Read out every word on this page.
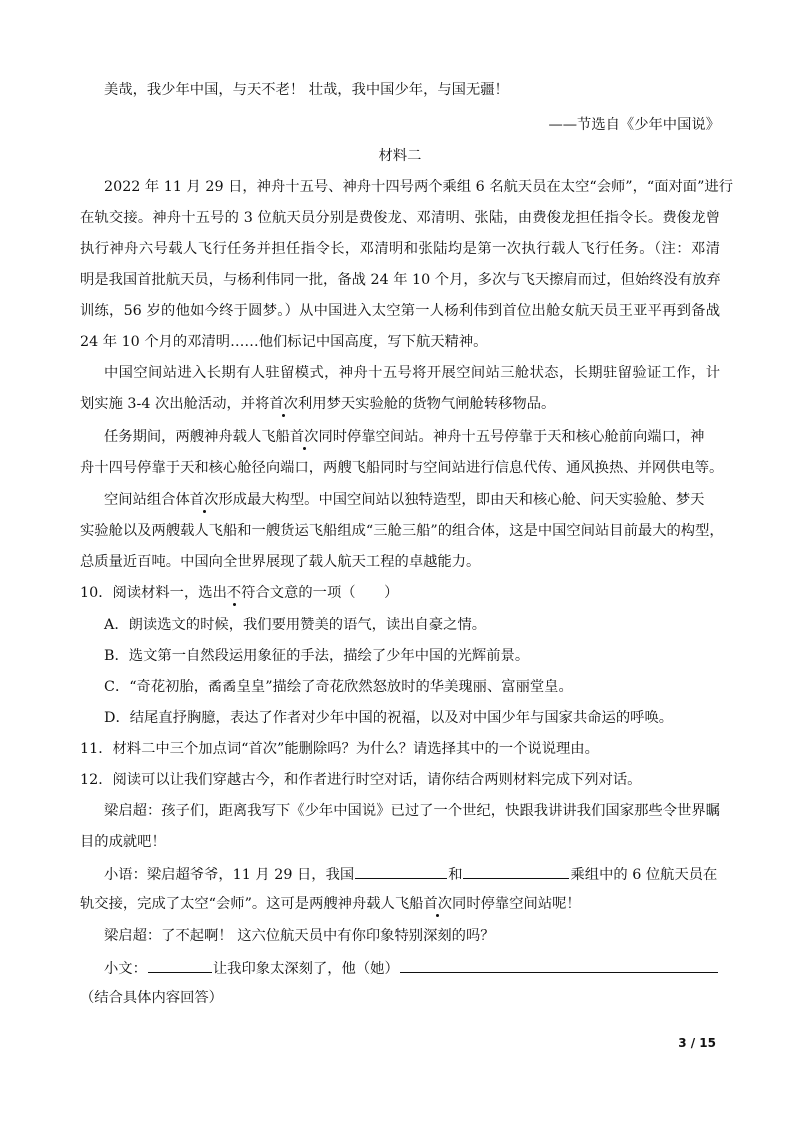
美哉，我少年中国，与天不老！ 壮哉，我中国少年，与国无疆！
——节选自《少年中国说》
材料二
2022 年 11 月 29 日，神舟十五号、神舟十四号两个乘组 6 名航天员在太空“会师”，“面对面”进行
在轨交接。神舟十五号的 3 位航天员分别是费俊龙、邓清明、张陆，由费俊龙担任指令长。费俊龙曾
执行神舟六号载人飞行任务并担任指令长，邓清明和张陆均是第一次执行载人飞行任务。（注：邓清
明是我国首批航天员，与杨利伟同一批，备战 24 年 10 个月，多次与飞天擦肩而过，但始终没有放弃
训练，56 岁的他如今终于圆梦。）从中国进入太空第一人杨利伟到首位出舱女航天员王亚平再到备战
24 年 10 个月的邓清明……他们标记中国高度，写下航天精神。
中国空间站进入长期有人驻留模式，神舟十五号将开展空间站三舱状态，长期驻留验证工作，计
划实施 3-4 次出舱活动，并将首次利用梦天实验舱的货物气闸舱转移物品。
任务期间，两艘神舟载人飞船首次同时停靠空间站。神舟十五号停靠于天和核心舱前向端口，神
舟十四号停靠于天和核心舱径向端口，两艘飞船同时与空间站进行信息代传、通风换热、并网供电等。
空间站组合体首次形成最大构型。中国空间站以独特造型，即由天和核心舱、问天实验舱、梦天
实验舱以及两艘载人飞船和一艘货运飞船组成“三舱三船”的组合体，这是中国空间站目前最大的构型，
总质量近百吨。中国向全世界展现了载人航天工程的卓越能力。
10．阅读材料一，选出不符合文意的一项（　　）
A．朗读选文的时候，我们要用赞美的语气，读出自豪之情。
B．选文第一自然段运用象征的手法，描绘了少年中国的光辉前景。
C．“奇花初胎，矞矞皇皇”描绘了奇花欣然怒放时的华美瑰丽、富丽堂皇。
D．结尾直抒胸臆，表达了作者对少年中国的祝福，以及对中国少年与国家共命运的呼唤。
11．材料二中三个加点词“首次”能删除吗？为什么？请选择其中的一个说说理由。
12．阅读可以让我们穿越古今，和作者进行时空对话，请你结合两则材料完成下列对话。
梁启超：孩子们，距离我写下《少年中国说》已过了一个世纪，快跟我讲讲我们国家那些令世界瞩
目的成就吧！
小语：梁启超爷爷，11 月 29 日，我国	和	乘组中的 6 位航天员在
轨交接，完成了太空“会师”。这可是两艘神舟载人飞船首次同时停靠空间站呢！
梁启超：了不起啊！ 这六位航天员中有你印象特别深刻的吗？
小文：	让我印象太深刻了，他（她）
（结合具体内容回答）
3 / 15
